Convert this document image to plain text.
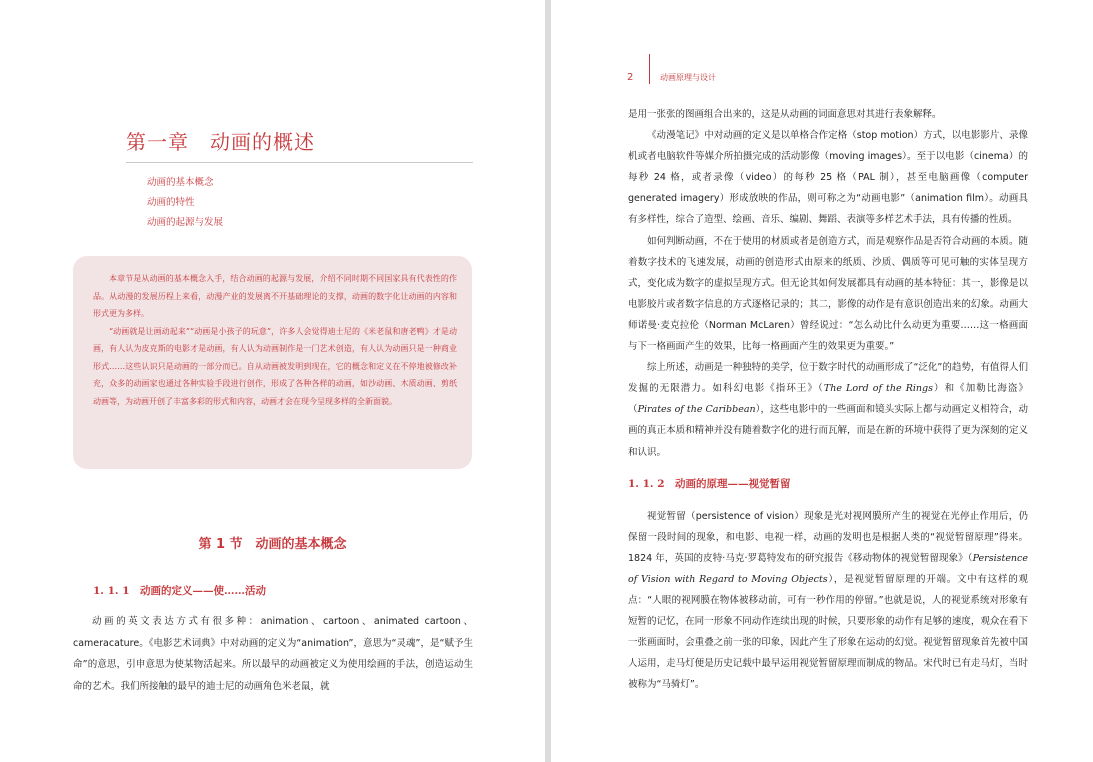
第一章　动画的概述
动画的基本概念
动画的特性
动画的起源与发展

本章节是从动画的基本概念入手，结合动画的起源与发展，介绍不同时期不同国家具有代表性的作品。从动漫的发展历程上来看，动漫产业的发展离不开基础理论的支撑，动画的数字化让动画的内容和形式更为多样。

“动画就是让画动起来”“动画是小孩子的玩意”，许多人会觉得迪士尼的《米老鼠和唐老鸭》才是动画，有人认为皮克斯的电影才是动画，有人认为动画制作是一门艺术创造，有人认为动画只是一种商业形式……这些认识只是动画的一部分而已。自从动画被发明到现在，它的概念和定义在不停地被修改补充，众多的动画家也通过各种实验手段进行创作，形成了各种各样的动画，如沙动画、木质动画、剪纸动画等，为动画开创了丰富多彩的形式和内容，动画才会在现今呈现多样的全新面貌。

第 1 节　动画的基本概念
1. 1. 1　动画的定义——使……活动

动画的英文表达方式有很多种：animation、cartoon、animated cartoon、cameracature。《电影艺术词典》中对动画的定义为“animation”，意思为“灵魂”，是“赋予生命”的意思，引申意思为使某物活起来。所以最早的动画被定义为使用绘画的手法，创造运动生命的艺术。我们所接触的最早的迪士尼的动画角色米老鼠，就

2	动画原理与设计

是用一张张的图画组合出来的，这是从动画的词面意思对其进行表象解释。

《动漫笔记》中对动画的定义是以单格合作定格（stop motion）方式，以电影影片、录像机或者电脑软件等媒介所拍摄完成的活动影像（moving images）。至于以电影（cinema）的每秒 24 格，或者录像（video）的每秒 25 格（PAL 制），甚至电脑画像（computer generated imagery）形成放映的作品，则可称之为“动画电影”（animation film）。动画具有多样性，综合了造型、绘画、音乐、编剧、舞蹈、表演等多样艺术手法，具有传播的性质。

如何判断动画，不在于使用的材质或者是创造方式，而是观察作品是否符合动画的本质。随着数字技术的飞速发展，动画的创造形式由原来的纸质、沙质、偶质等可见可触的实体呈现方式，变化成为数字的虚拟呈现方式。但无论其如何发展都具有动画的基本特征：其一，影像是以电影胶片或者数字信息的方式逐格记录的；其二，影像的动作是有意识创造出来的幻象。动画大师诺曼·麦克拉伦（Norman McLaren）曾经说过：“怎么动比什么动更为重要……这一格画面与下一格画面产生的效果，比每一格画面产生的效果更为重要。”

综上所述，动画是一种独特的美学，位于数字时代的动画形成了“泛化”的趋势，有值得人们发掘的无限潜力。如科幻电影《指环王》（The Lord of the Rings）和《加勒比海盗》（Pirates of the Caribbean），这些电影中的一些画面和镜头实际上都与动画定义相符合，动画的真正本质和精神并没有随着数字化的进行而瓦解，而是在新的环境中获得了更为深刻的定义和认识。

1. 1. 2　动画的原理——视觉暂留

视觉暂留（persistence of vision）现象是光对视网膜所产生的视觉在光停止作用后，仍保留一段时间的现象，和电影、电视一样，动画的发明也是根据人类的“视觉暂留原理”得来。1824 年，英国的皮特·马克·罗葛特发布的研究报告《移动物体的视觉暂留现象》（Persistence of Vision with Regard to Moving Objects），是视觉暂留原理的开端。文中有这样的观点：“人眼的视网膜在物体被移动前，可有一秒作用的停留。”也就是说，人的视觉系统对形象有短暂的记忆，在同一形象不同动作连续出现的时候，只要形象的动作有足够的速度，观众在看下一张画面时，会重叠之前一张的印象，因此产生了形象在运动的幻觉。视觉暂留现象首先被中国人运用，走马灯便是历史记载中最早运用视觉暂留原理而制成的物品。宋代时已有走马灯，当时被称为“马骑灯”。
